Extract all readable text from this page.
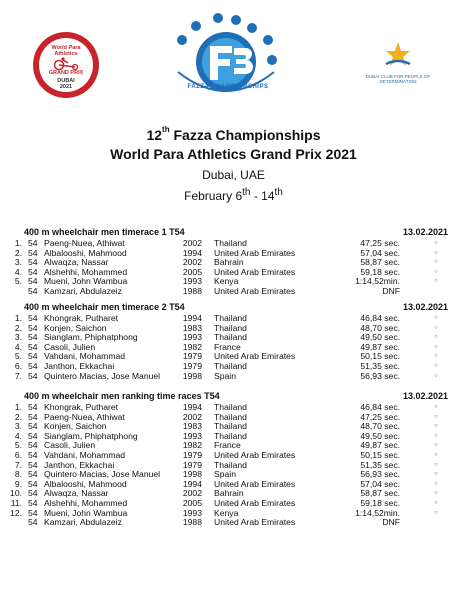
World Para
Athletics
GRAND PRIX
DUBAI
2021	FAZZA CHAMPIONSHIPS
DUBAI CLUB FOR PEOPLE OF DETERMINATION
12th Fazza Championships
World Para Athletics Grand Prix 2021
Dubai, UAE
February 6th - 14th
400 m wheelchair men timerace 1 T54	13.02.2021
1. 54 Paeng-Nuea, Athiwat	2002 Thailand	47,25 sec.	○
2. 54 Albalooshi, Mahmood	1994 United Arab Emirates	57,04 sec.	○
3. 54 Alwaqza, Nassar	2002 Bahrain	58,87 sec.	○
4. 54 Alshehhi, Mohammed	2005 United Arab Emirates	59,18 sec.	○
5. 54 Mueni, John Wambua	1993 Kenya	1:14,52min.	○
54 Kamzari, Abdulazeiz	1988 United Arab Emirates	DNF
400 m wheelchair men timerace 2 T54	13.02.2021
1. 54 Khongrak, Putharet	1994 Thailand	46,84 sec.	○
2. 54 Konjen, Saichon	1983 Thailand	48,70 sec.	○
3. 54 Sianglam, Phiphatphong	1993 Thailand	49,50 sec.	○
4. 54 Casoli, Julien	1982 France	49,87 sec.	○
5. 54 Vahdani, Mohammad	1979 United Arab Emirates	50,15 sec.	○
6. 54 Janthon, Ekkachai	1979 Thailand	51,35 sec.	○
7. 54 Quintero Macias, Jose Manuel	1998 Spain	56,93 sec.	○
400 m wheelchair men ranking time races T54	13.02.2021
1. 54 Khongrak, Putharet	1994 Thailand	46,84 sec.	○
2. 54 Paeng-Nuea, Athiwat	2002 Thailand	47,25 sec.	○
3. 54 Konjen, Saichon	1983 Thailand	48,70 sec.	○
4. 54 Sianglam, Phiphatphong	1993 Thailand	49,50 sec.	○
5. 54 Casoli, Julien	1982 France	49,87 sec.	○
6. 54 Vahdani, Mohammad	1979 United Arab Emirates	50,15 sec.	○
7. 54 Janthon, Ekkachai	1979 Thailand	51,35 sec.	○
8. 54 Quintero Macias, Jose Manuel	1998 Spain	56,93 sec.	○
9. 54 Albalooshi, Mahmood	1994 United Arab Emirates	57,04 sec.	○
10. 54 Alwaqza, Nassar	2002 Bahrain	58,87 sec.	○
11. 54 Alshehhi, Mohammed	2005 United Arab Emirates	59,18 sec.	○
12. 54 Mueni, John Wambua	1993 Kenya	1:14,52min.	○
54 Kamzari, Abdulazeiz	1988 United Arab Emirates	DNF
